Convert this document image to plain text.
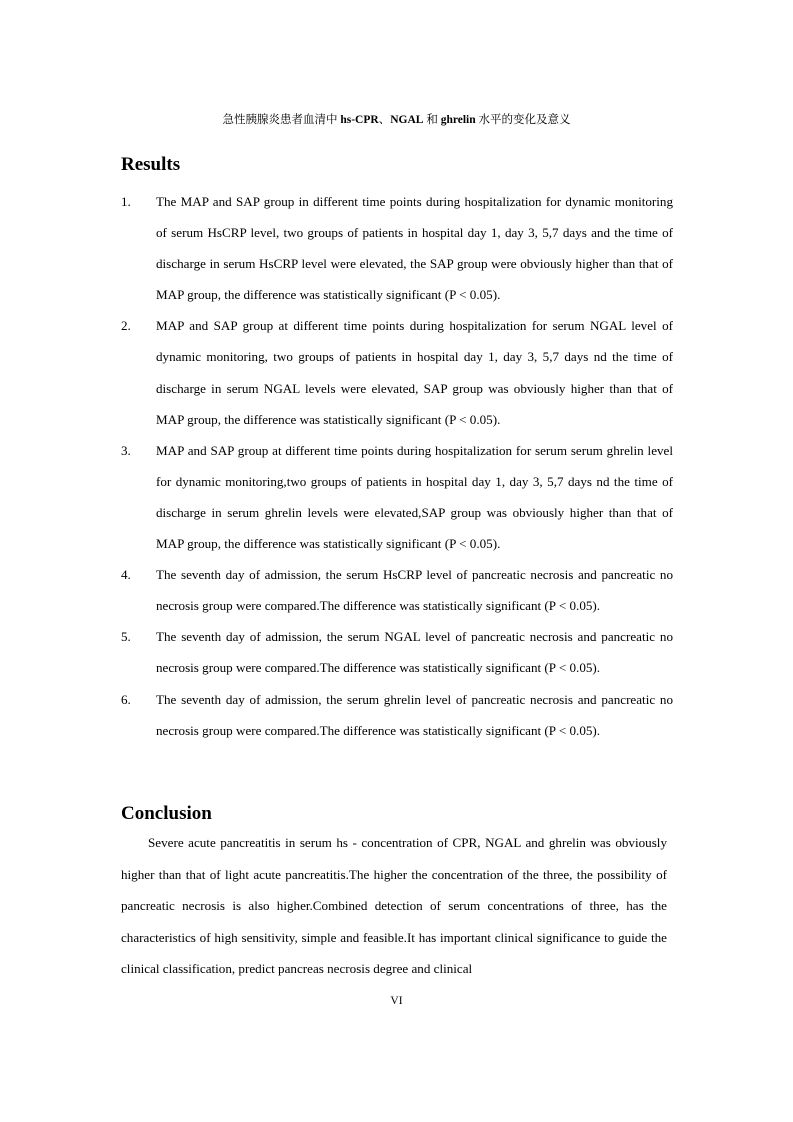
急性胰腺炎患者血清中 hs-CPR、NGAL 和 ghrelin 水平的变化及意义
Results
1. The MAP and SAP group in different time points during hospitalization for dynamic monitoring of serum HsCRP level, two groups of patients in hospital day 1, day 3, 5,7 days and the time of discharge in serum HsCRP level were elevated, the SAP group were obviously higher than that of MAP group, the difference was statistically significant (P < 0.05).
2. MAP and SAP group at different time points during hospitalization for serum NGAL level of dynamic monitoring, two groups of patients in hospital day 1, day 3, 5,7 days nd the time of discharge in serum NGAL levels were elevated, SAP group was obviously higher than that of MAP group, the difference was statistically significant (P < 0.05).
3. MAP and SAP group at different time points during hospitalization for serum serum ghrelin level for dynamic monitoring,two groups of patients in hospital day 1, day 3, 5,7 days nd the time of discharge in serum ghrelin levels were elevated,SAP group was obviously higher than that of MAP group, the difference was statistically significant (P < 0.05).
4. The seventh day of admission, the serum HsCRP level of pancreatic necrosis and pancreatic no necrosis group were compared.The difference was statistically significant (P < 0.05).
5. The seventh day of admission, the serum NGAL level of pancreatic necrosis and pancreatic no necrosis group were compared.The difference was statistically significant (P < 0.05).
6. The seventh day of admission, the serum ghrelin level of pancreatic necrosis and pancreatic no necrosis group were compared.The difference was statistically significant (P < 0.05).
Conclusion

Severe acute pancreatitis in serum hs - concentration of CPR, NGAL and ghrelin was obviously higher than that of light acute pancreatitis.The higher the concentration of the three, the possibility of pancreatic necrosis is also higher.Combined detection of serum concentrations of three, has the characteristics of high sensitivity, simple and feasible.It has important clinical significance to guide the clinical classification, predict pancreas necrosis degree and clinical

VI
